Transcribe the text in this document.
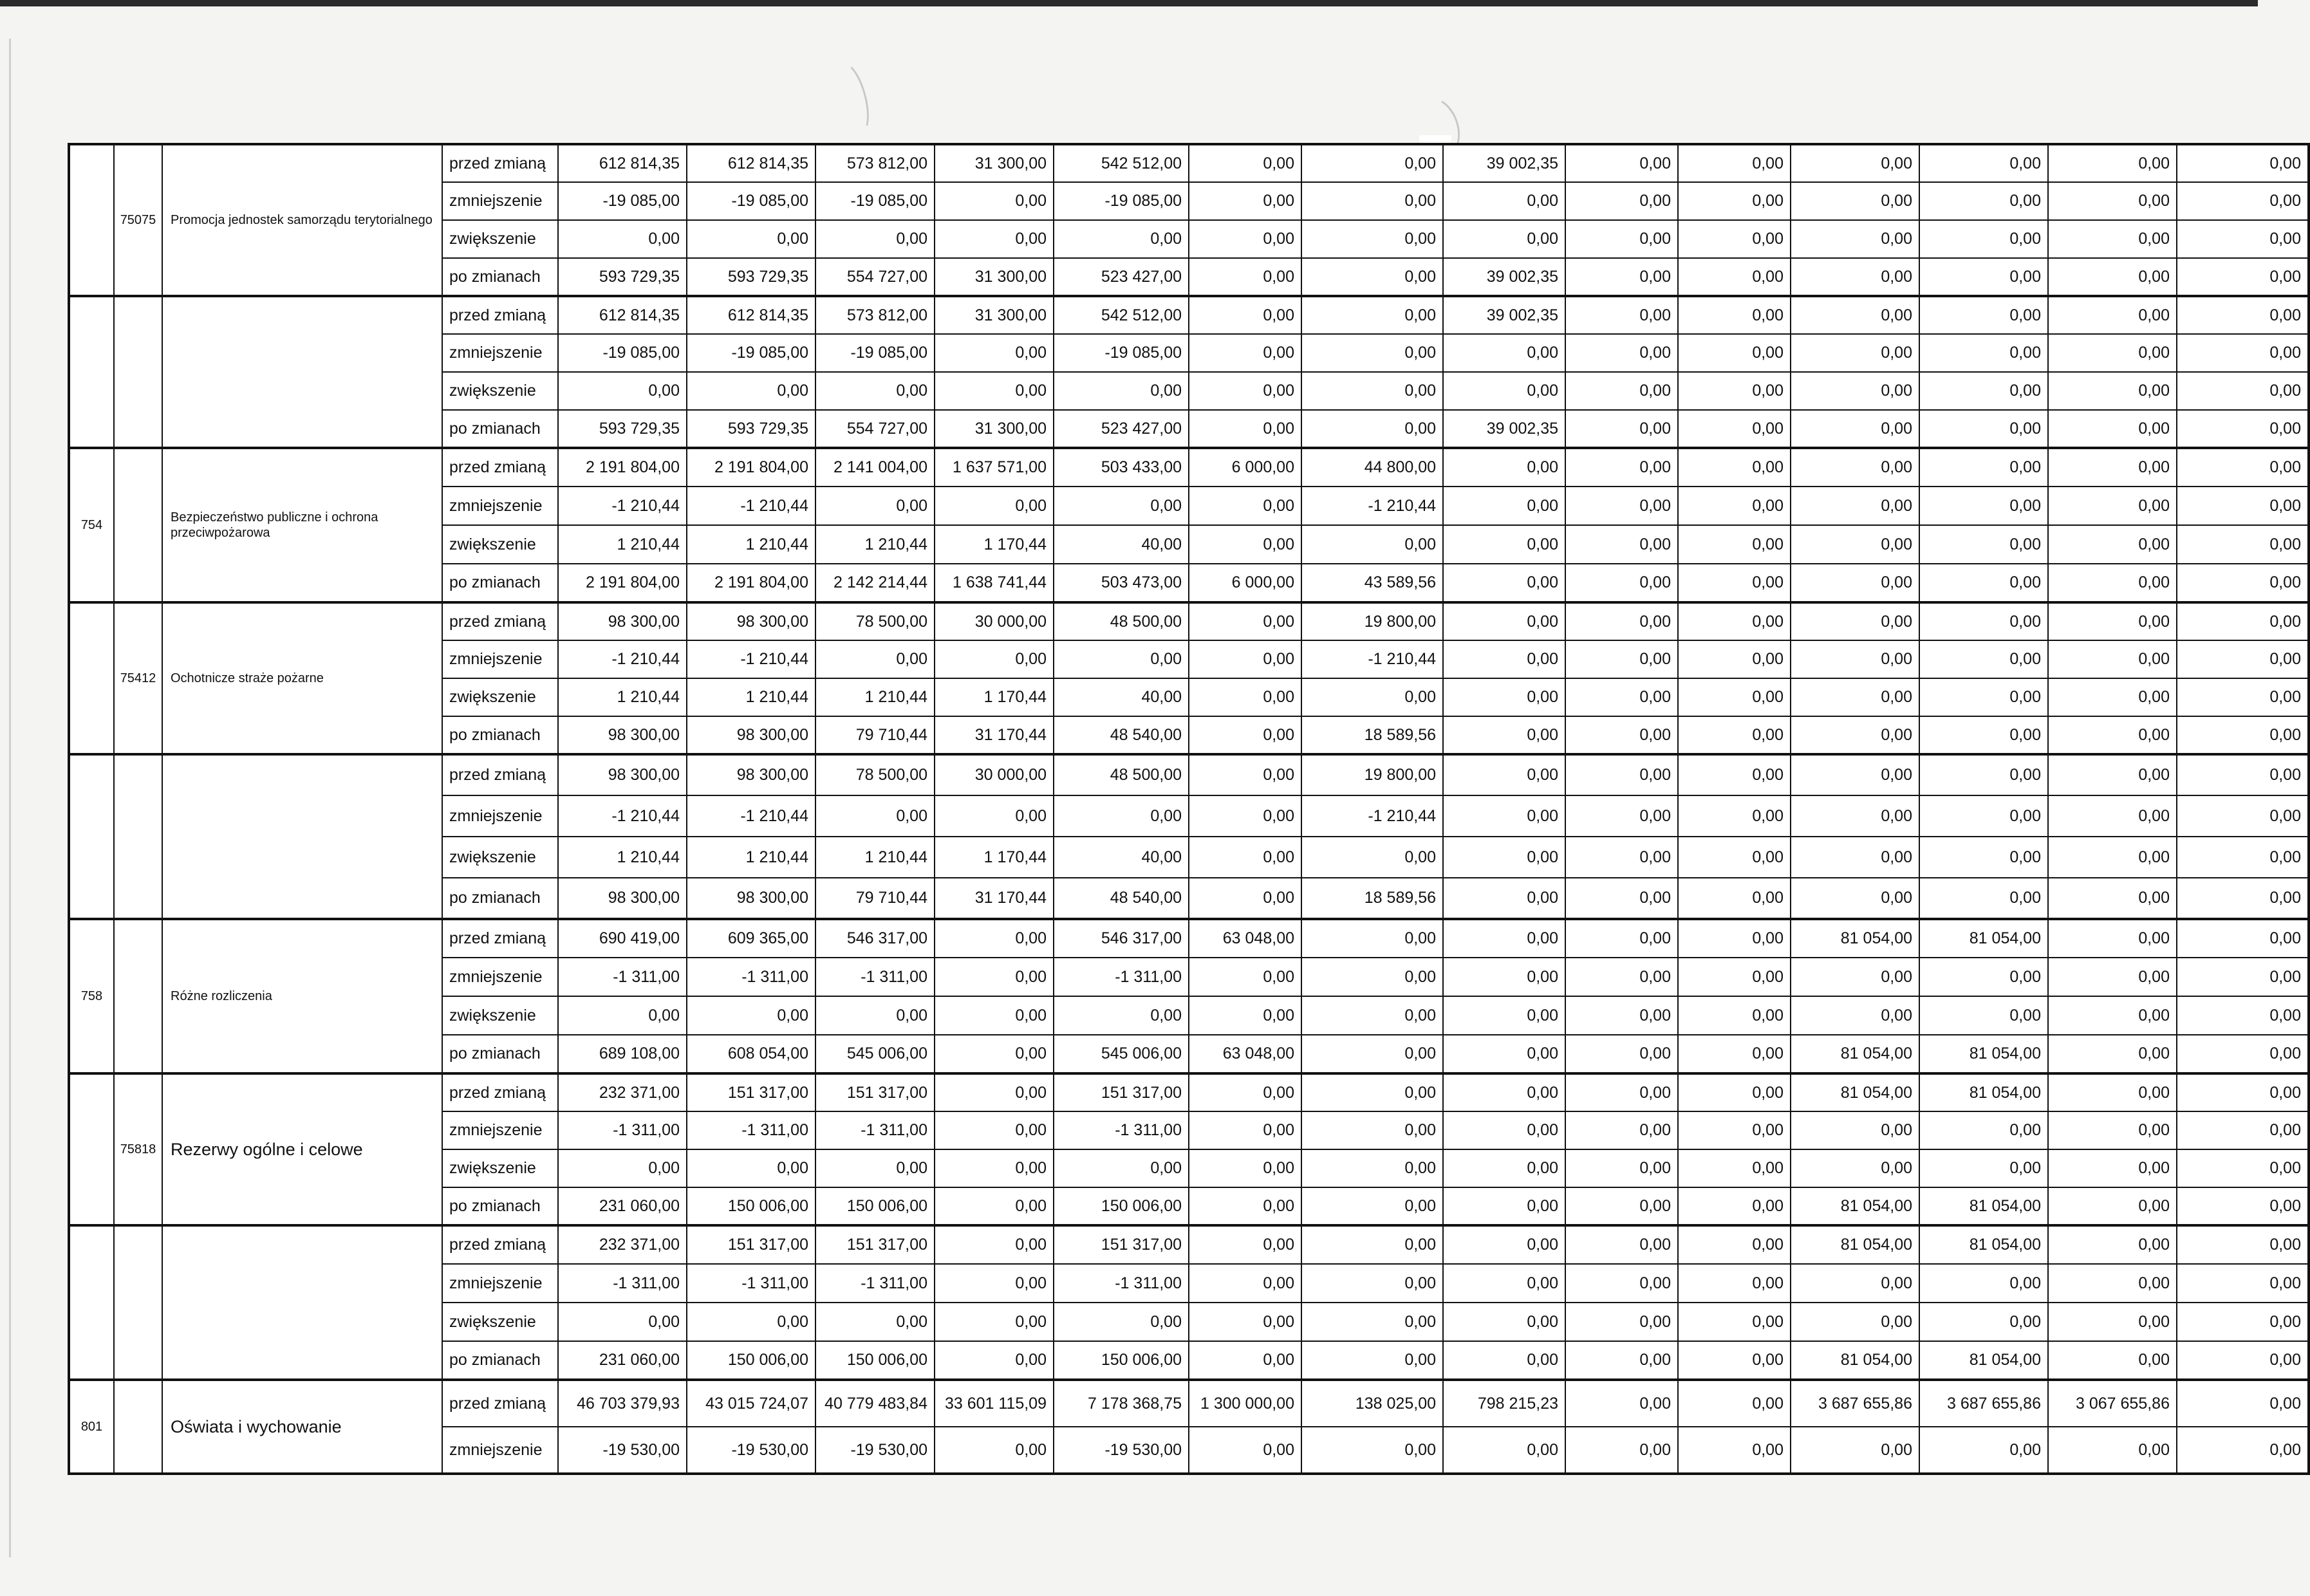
	75075	Promocja jednostek samorządu terytorialnego	przed zmianą	612 814,35	612 814,35	573 812,00	31 300,00	542 512,00	0,00	0,00	39 002,35	0,00	0,00	0,00	0,00	0,00	0,00
			zmniejszenie	-19 085,00	-19 085,00	-19 085,00	0,00	-19 085,00	0,00	0,00	0,00	0,00	0,00	0,00	0,00	0,00	0,00
			zwiększenie	0,00	0,00	0,00	0,00	0,00	0,00	0,00	0,00	0,00	0,00	0,00	0,00	0,00	0,00
			po zmianach	593 729,35	593 729,35	554 727,00	31 300,00	523 427,00	0,00	0,00	39 002,35	0,00	0,00	0,00	0,00	0,00	0,00
			przed zmianą	612 814,35	612 814,35	573 812,00	31 300,00	542 512,00	0,00	0,00	39 002,35	0,00	0,00	0,00	0,00	0,00	0,00
			zmniejszenie	-19 085,00	-19 085,00	-19 085,00	0,00	-19 085,00	0,00	0,00	0,00	0,00	0,00	0,00	0,00	0,00	0,00
			zwiększenie	0,00	0,00	0,00	0,00	0,00	0,00	0,00	0,00	0,00	0,00	0,00	0,00	0,00	0,00
			po zmianach	593 729,35	593 729,35	554 727,00	31 300,00	523 427,00	0,00	0,00	39 002,35	0,00	0,00	0,00	0,00	0,00	0,00
754		Bezpieczeństwo publiczne i ochrona przeciwpożarowa	przed zmianą	2 191 804,00	2 191 804,00	2 141 004,00	1 637 571,00	503 433,00	6 000,00	44 800,00	0,00	0,00	0,00	0,00	0,00	0,00	0,00
			zmniejszenie	-1 210,44	-1 210,44	0,00	0,00	0,00	0,00	-1 210,44	0,00	0,00	0,00	0,00	0,00	0,00	0,00
			zwiększenie	1 210,44	1 210,44	1 210,44	1 170,44	40,00	0,00	0,00	0,00	0,00	0,00	0,00	0,00	0,00	0,00
			po zmianach	2 191 804,00	2 191 804,00	2 142 214,44	1 638 741,44	503 473,00	6 000,00	43 589,56	0,00	0,00	0,00	0,00	0,00	0,00	0,00
	75412	Ochotnicze straże pożarne	przed zmianą	98 300,00	98 300,00	78 500,00	30 000,00	48 500,00	0,00	19 800,00	0,00	0,00	0,00	0,00	0,00	0,00	0,00
			zmniejszenie	-1 210,44	-1 210,44	0,00	0,00	0,00	0,00	-1 210,44	0,00	0,00	0,00	0,00	0,00	0,00	0,00
			zwiększenie	1 210,44	1 210,44	1 210,44	1 170,44	40,00	0,00	0,00	0,00	0,00	0,00	0,00	0,00	0,00	0,00
			po zmianach	98 300,00	98 300,00	79 710,44	31 170,44	48 540,00	0,00	18 589,56	0,00	0,00	0,00	0,00	0,00	0,00	0,00
			przed zmianą	98 300,00	98 300,00	78 500,00	30 000,00	48 500,00	0,00	19 800,00	0,00	0,00	0,00	0,00	0,00	0,00	0,00
			zmniejszenie	-1 210,44	-1 210,44	0,00	0,00	0,00	0,00	-1 210,44	0,00	0,00	0,00	0,00	0,00	0,00	0,00
			zwiększenie	1 210,44	1 210,44	1 210,44	1 170,44	40,00	0,00	0,00	0,00	0,00	0,00	0,00	0,00	0,00	0,00
			po zmianach	98 300,00	98 300,00	79 710,44	31 170,44	48 540,00	0,00	18 589,56	0,00	0,00	0,00	0,00	0,00	0,00	0,00
758		Różne rozliczenia	przed zmianą	690 419,00	609 365,00	546 317,00	0,00	546 317,00	63 048,00	0,00	0,00	0,00	0,00	81 054,00	81 054,00	0,00	0,00
			zmniejszenie	-1 311,00	-1 311,00	-1 311,00	0,00	-1 311,00	0,00	0,00	0,00	0,00	0,00	0,00	0,00	0,00	0,00
			zwiększenie	0,00	0,00	0,00	0,00	0,00	0,00	0,00	0,00	0,00	0,00	0,00	0,00	0,00	0,00
			po zmianach	689 108,00	608 054,00	545 006,00	0,00	545 006,00	63 048,00	0,00	0,00	0,00	0,00	81 054,00	81 054,00	0,00	0,00
	75818	Rezerwy ogólne i celowe	przed zmianą	232 371,00	151 317,00	151 317,00	0,00	151 317,00	0,00	0,00	0,00	0,00	0,00	81 054,00	81 054,00	0,00	0,00
			zmniejszenie	-1 311,00	-1 311,00	-1 311,00	0,00	-1 311,00	0,00	0,00	0,00	0,00	0,00	0,00	0,00	0,00	0,00
			zwiększenie	0,00	0,00	0,00	0,00	0,00	0,00	0,00	0,00	0,00	0,00	0,00	0,00	0,00	0,00
			po zmianach	231 060,00	150 006,00	150 006,00	0,00	150 006,00	0,00	0,00	0,00	0,00	0,00	81 054,00	81 054,00	0,00	0,00
			przed zmianą	232 371,00	151 317,00	151 317,00	0,00	151 317,00	0,00	0,00	0,00	0,00	0,00	81 054,00	81 054,00	0,00	0,00
			zmniejszenie	-1 311,00	-1 311,00	-1 311,00	0,00	-1 311,00	0,00	0,00	0,00	0,00	0,00	0,00	0,00	0,00	0,00
			zwiększenie	0,00	0,00	0,00	0,00	0,00	0,00	0,00	0,00	0,00	0,00	0,00	0,00	0,00	0,00
			po zmianach	231 060,00	150 006,00	150 006,00	0,00	150 006,00	0,00	0,00	0,00	0,00	0,00	81 054,00	81 054,00	0,00	0,00
801		Oświata i wychowanie	przed zmianą	46 703 379,93	43 015 724,07	40 779 483,84	33 601 115,09	7 178 368,75	1 300 000,00	138 025,00	798 215,23	0,00	0,00	3 687 655,86	3 687 655,86	3 067 655,86	0,00
			zmniejszenie	-19 530,00	-19 530,00	-19 530,00	0,00	-19 530,00	0,00	0,00	0,00	0,00	0,00	0,00	0,00	0,00	0,00
